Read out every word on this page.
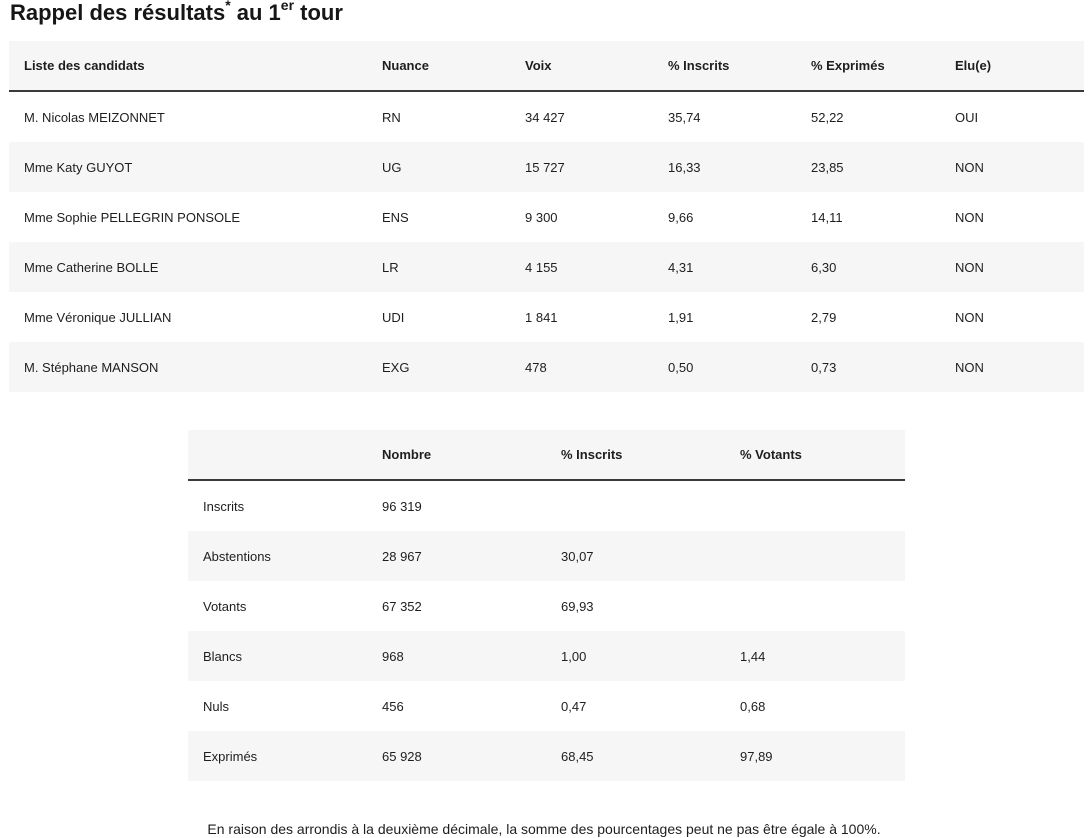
Rappel des résultats* au 1er tour
Liste des candidats	Nuance	Voix	% Inscrits	% Exprimés	Elu(e)
M. Nicolas MEIZONNET	RN	34 427	35,74	52,22	OUI
Mme Katy GUYOT	UG	15 727	16,33	23,85	NON
Mme Sophie PELLEGRIN PONSOLE	ENS	9 300	9,66	14,11	NON
Mme Catherine BOLLE	LR	4 155	4,31	6,30	NON
Mme Véronique JULLIAN	UDI	1 841	1,91	2,79	NON
M. Stéphane MANSON	EXG	478	0,50	0,73	NON
	Nombre	% Inscrits	% Votants
Inscrits	96 319		
Abstentions	28 967	30,07	
Votants	67 352	69,93	
Blancs	968	1,00	1,44
Nuls	456	0,47	0,68
Exprimés	65 928	68,45	97,89

En raison des arrondis à la deuxième décimale, la somme des pourcentages peut ne pas être égale à 100%.
